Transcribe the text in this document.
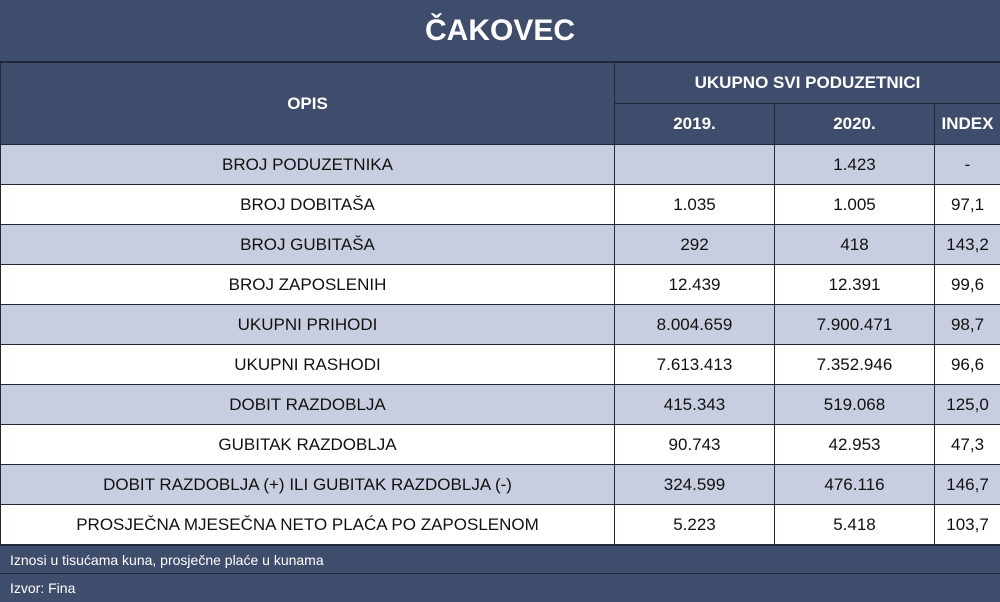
ČAKOVEC
OPIS	UKUPNO SVI PODUZETNICI		
	2019.	2020.	INDEX
BROJ PODUZETNIKA		1.423	-
BROJ DOBITAŠA	1.035	1.005	97,1
BROJ GUBITAŠA	292	418	143,2
BROJ ZAPOSLENIH	12.439	12.391	99,6
UKUPNI PRIHODI	8.004.659	7.900.471	98,7
UKUPNI RASHODI	7.613.413	7.352.946	96,6
DOBIT RAZDOBLJA	415.343	519.068	125,0
GUBITAK RAZDOBLJA	90.743	42.953	47,3
DOBIT RAZDOBLJA (+) ILI GUBITAK RAZDOBLJA (-)	324.599	476.116	146,7
PROSJEČNA MJESEČNA NETO PLAĆA PO ZAPOSLENOM	5.223	5.418	103,7
Iznosi u tisućama kuna, prosječne plaće u kunama
Izvor: Fina
